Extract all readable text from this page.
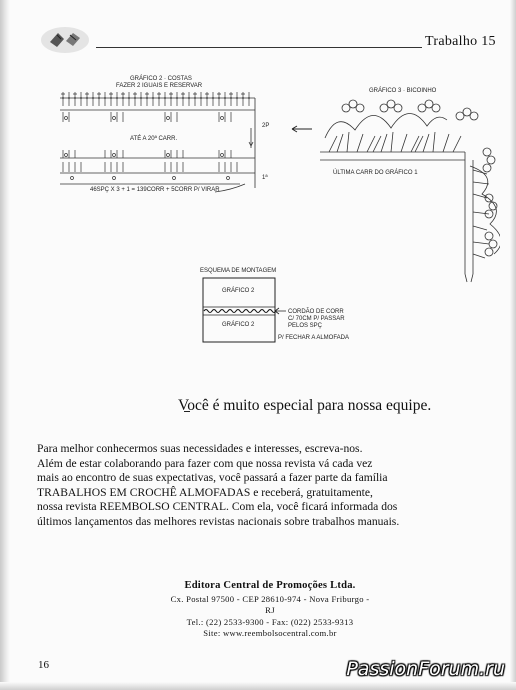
Trabalho 15
GRÁFICO 2 · COSTAS
FAZER 2 IGUAIS E RESERVAR
ATÉ A 20ª CARR.
2P
1ª
46SPÇ X 3 + 1 = 139CORR + 5CORR P/ VIRAR
GRÁFICO 3 · BICOINHO
ÚLTIMA CARR DO GRÁFICO 1
ESQUEMA DE MONTAGEM
GRÁFICO 2
GRÁFICO 2
CORDÃO DE CORR
C/ 70CM P/ PASSAR
PELOS SPÇ
P/ FECHAR A ALMOFADA
Você é muito especial para nossa equipe.

Para melhor conhecermos suas necessidades e interesses, escreva-nos.

Além de estar colaborando para fazer com que nossa revista vá cada vez

mais ao encontro de suas expectativas, você passará a fazer parte da família

TRABALHOS EM CROCHÊ ALMOFADAS e receberá, gratuitamente,

nossa revista REEMBOLSO CENTRAL. Com ela, você ficará informada dos

últimos lançamentos das melhores revistas nacionais sobre trabalhos manuais.

Editora Central de Promoções Ltda.
Cx. Postal 97500 - CEP 28610-974 - Nova Friburgo - RJ
Tel.: (22) 2533-9300 - Fax: (022) 2533-9313
Site: www.reembolsocentral.com.br
16	PassionForum.ru
